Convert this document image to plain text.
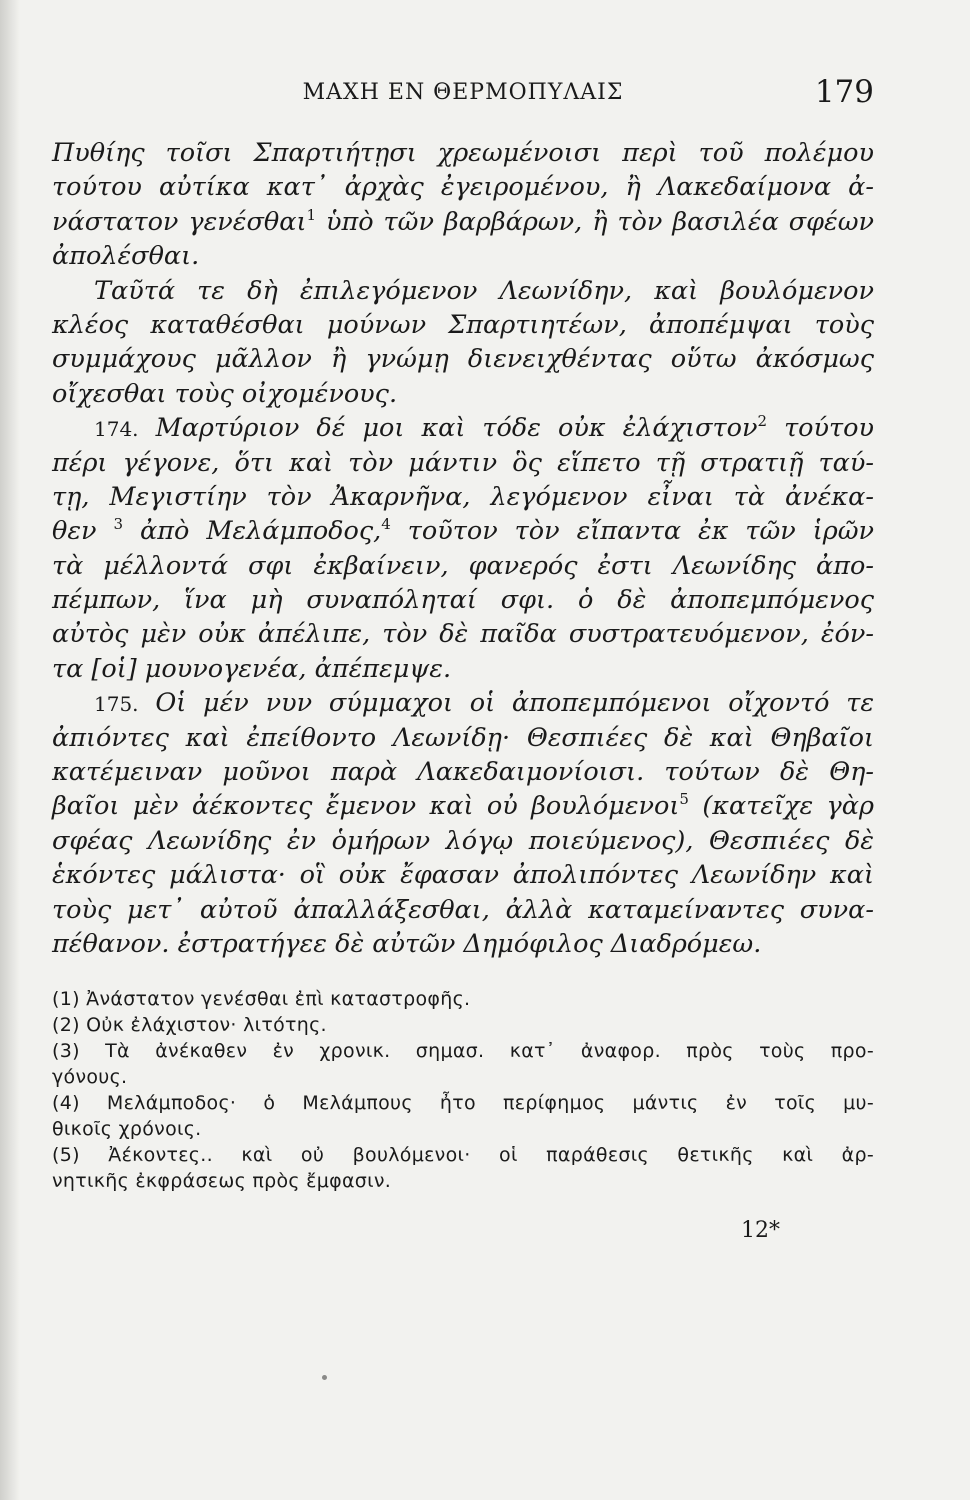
ΜΑΧΗ ΕΝ ΘΕΡΜΟΠΥΛΑΙΣ	179
Πυθίης τοῖσι Σπαρτιήτῃσι χρεωμένοισι περὶ τοῦ πολέμου
τούτου αὐτίκα κατ᾽ ἀρχὰς ἐγειρομένου, ἢ Λακεδαίμονα ἀ-
νάστατον γενέσθαι$^1$ ὑπὸ τῶν βαρβάρων, ἢ τὸν βασιλέα σφέων
ἀπολέσθαι.
Ταῦτά τε δὴ ἐπιλεγόμενον Λεωνίδην, καὶ βουλόμενον
κλέος καταθέσθαι μούνων Σπαρτιητέων, ἀποπέμψαι τοὺς
συμμάχους μᾶλλον ἢ γνώμῃ διενειχθέντας οὕτω ἀκόσμως
οἴχεσθαι τοὺς οἰχομένους.
174. Μαρτύριον δέ μοι καὶ τόδε οὐκ ἐλάχιστον$^2$ τούτου
πέρι γέγονε, ὅτι καὶ τὸν μάντιν ὃς εἵπετο τῇ στρατιῇ ταύ-
τῃ, Μεγιστίην τὸν Ἀκαρνῆνα, λεγόμενον εἶναι τὰ ἀνέκα-
θεν $^3$ ἀπὸ Μελάμποδος,$^4$ τοῦτον τὸν εἴπαντα ἐκ τῶν ἱρῶν
τὰ μέλλοντά σφι ἐκβαίνειν, φανερός ἐστι Λεωνίδης ἀπο-
πέμπων, ἵνα μὴ συναπόληταί σφι. ὁ δὲ ἀποπεμπόμενος
αὐτὸς μὲν οὐκ ἀπέλιπε, τὸν δὲ παῖδα συστρατευόμενον, ἐόν-
τα [οἱ] μουνογενέα, ἀπέπεμψε.
175. Οἱ μέν νυν σύμμαχοι οἱ ἀποπεμπόμενοι οἴχοντό τε
ἀπιόντες καὶ ἐπείθοντο Λεωνίδῃ· Θεσπιέες δὲ καὶ Θηβαῖοι
κατέμειναν μοῦνοι παρὰ Λακεδαιμονίοισι. τούτων δὲ Θη-
βαῖοι μὲν ἀέκοντες ἔμενον καὶ οὐ βουλόμενοι$^5$ (κατεῖχε γὰρ
σφέας Λεωνίδης ἐν ὁμήρων λόγῳ ποιεύμενος), Θεσπιέες δὲ
ἑκόντες μάλιστα· οἳ οὐκ ἔφασαν ἀπολιπόντες Λεωνίδην καὶ
τοὺς μετ᾽ αὐτοῦ ἀπαλλάξεσθαι, ἀλλὰ καταμείναντες συνα-
πέθανον. ἐστρατήγεε δὲ αὐτῶν Δημόφιλος Διαδρόμεω.
(1) Ἀνάστατον γενέσθαι ἐπὶ καταστροφῆς.
(2) Οὐκ ἐλάχιστον· λιτότης.
(3) Τὰ ἀνέκαθεν ἐν χρονικ. σημασ. κατ᾽ ἀναφορ. πρὸς τοὺς προ-
γόνους.
(4) Μελάμποδος· ὁ Μελάμπους ἦτο περίφημος μάντις ἐν τοῖς μυ-
θικοῖς χρόνοις.
(5) Ἀέκοντες.. καὶ οὐ βουλόμενοι· οἱ παράθεσις θετικῆς καὶ ἀρ-
νητικῆς ἐκφράσεως πρὸς ἔμφασιν.
12*
